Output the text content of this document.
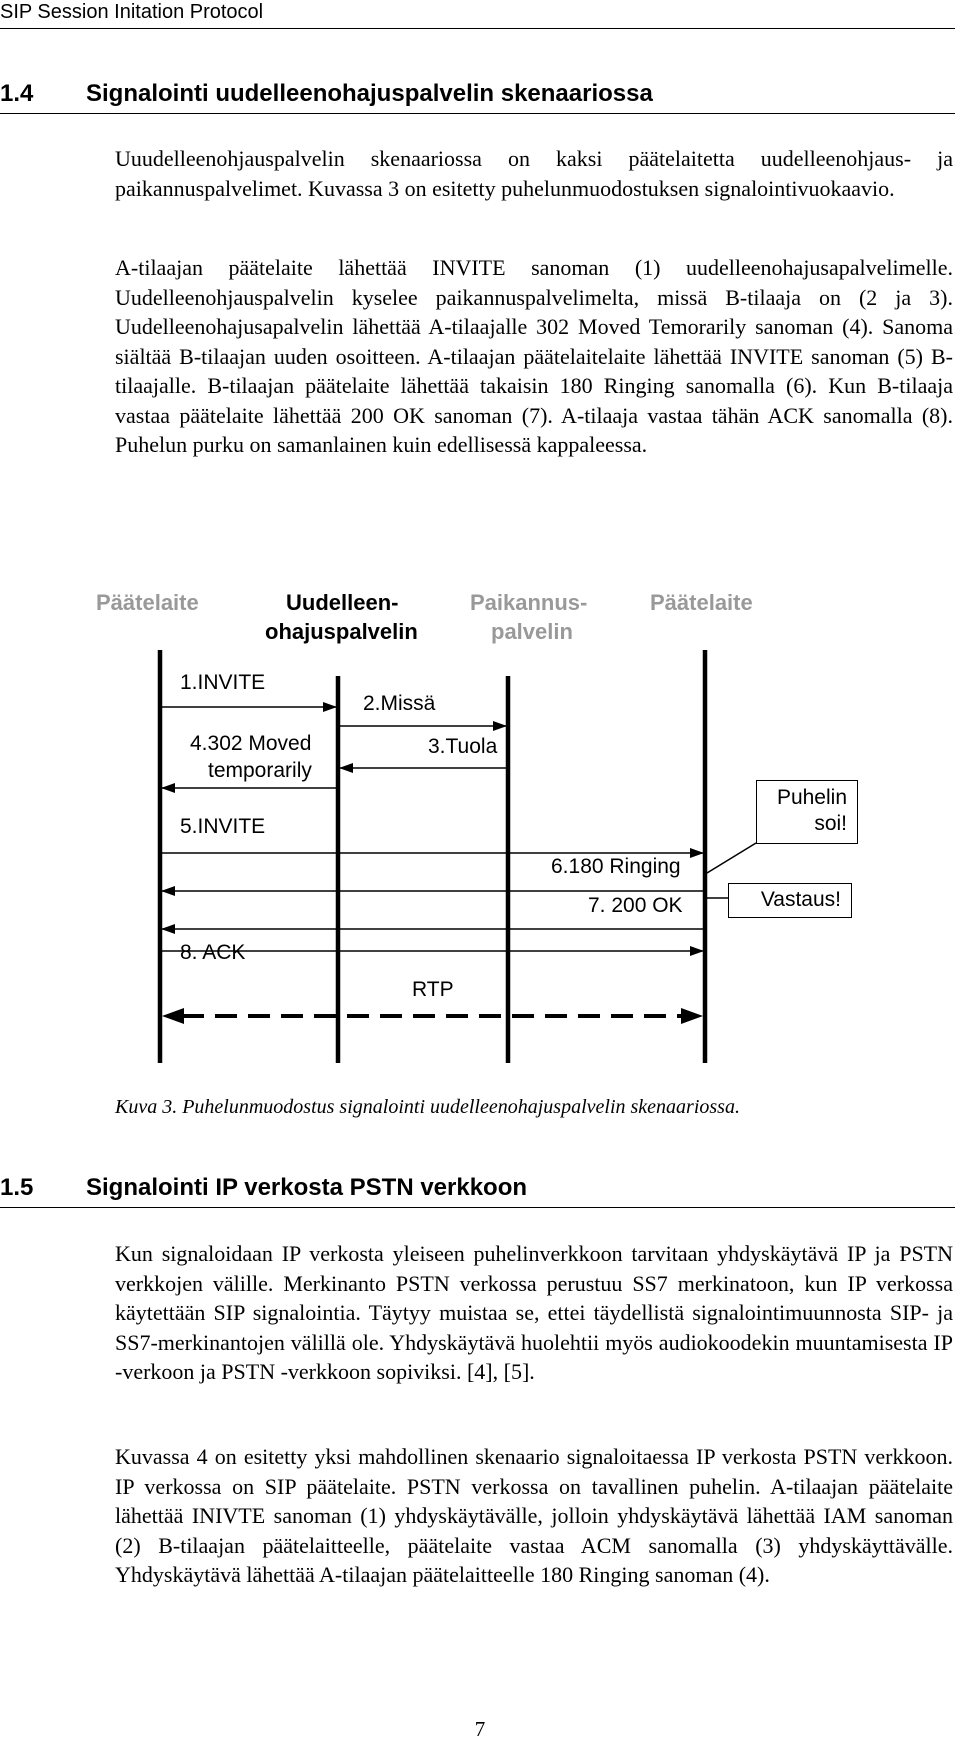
SIP Session Initation Protocol
1.4 Signalointi uudelleenohajuspalvelin skenaariossa

Uuudelleenohjauspalvelin skenaariossa on kaksi päätelaitetta uudelleenohjaus- ja paikannuspalvelimet. Kuvassa 3 on esitetty puhelunmuodostuksen signalointivuokaavio.

A-tilaajan päätelaite lähettää INVITE sanoman (1) uudelleenohajusapalvelimelle. Uudelleenohjauspalvelin kyselee paikannuspalvelimelta, missä B-tilaaja on (2 ja 3). Uudelleenohajusapalvelin lähettää A-tilaajalle 302 Moved Temorarily sanoman (4). Sanoma siältää B-tilaajan uuden osoitteen. A-tilaajan päätelaitelaite lähettää INVITE sanoman (5) B-tilaajalle. B-tilaajan päätelaite lähettää takaisin 180 Ringing sanomalla (6). Kun B-tilaaja vastaa päätelaite lähettää 200 OK sanoman (7). A-tilaaja vastaa tähän ACK sanomalla (8). Puhelun purku on samanlainen kuin edellisessä kappaleessa.

Päätelaite	Uudelleen-
ohajuspalvelin
Paikannus-
palvelin
Päätelaite
1.INVITE
2.Missä
3.Tuola
4.302 Moved
temporarily
5.INVITE
6.180 Ringing
7. 200 OK
8. ACK
RTP
Puhelin
soi!
Vastaus!
Kuva 3. Puhelunmuodostus signalointi uudelleenohajuspalvelin skenaariossa.
1.5 Signalointi IP verkosta PSTN verkkoon

Kun signaloidaan IP verkosta yleiseen puhelinverkkoon tarvitaan yhdyskäytävä IP ja PSTN verkkojen välille. Merkinanto PSTN verkossa perustuu SS7 merkinatoon, kun IP verkossa käytettään SIP signalointia. Täytyy muistaa se, ettei täydellistä signalointimuunnosta SIP- ja SS7-merkinantojen välillä ole. Yhdyskäytävä huolehtii myös audiokoodekin muuntamisesta IP -verkoon ja PSTN -verkkoon sopiviksi. [4], [5].

Kuvassa 4 on esitetty yksi mahdollinen skenaario signaloitaessa IP verkosta PSTN verkkoon. IP verkossa on SIP päätelaite. PSTN verkossa on tavallinen puhelin. A-tilaajan päätelaite lähettää INIVTE sanoman (1) yhdyskäytävälle, jolloin yhdyskäytävä lähettää IAM sanoman (2) B-tilaajan päätelaitteelle, päätelaite vastaa ACM sanomalla (3) yhdyskäyttävälle. Yhdyskäytävä lähettää A-tilaajan päätelaitteelle 180 Ringing sanoman (4).

7
